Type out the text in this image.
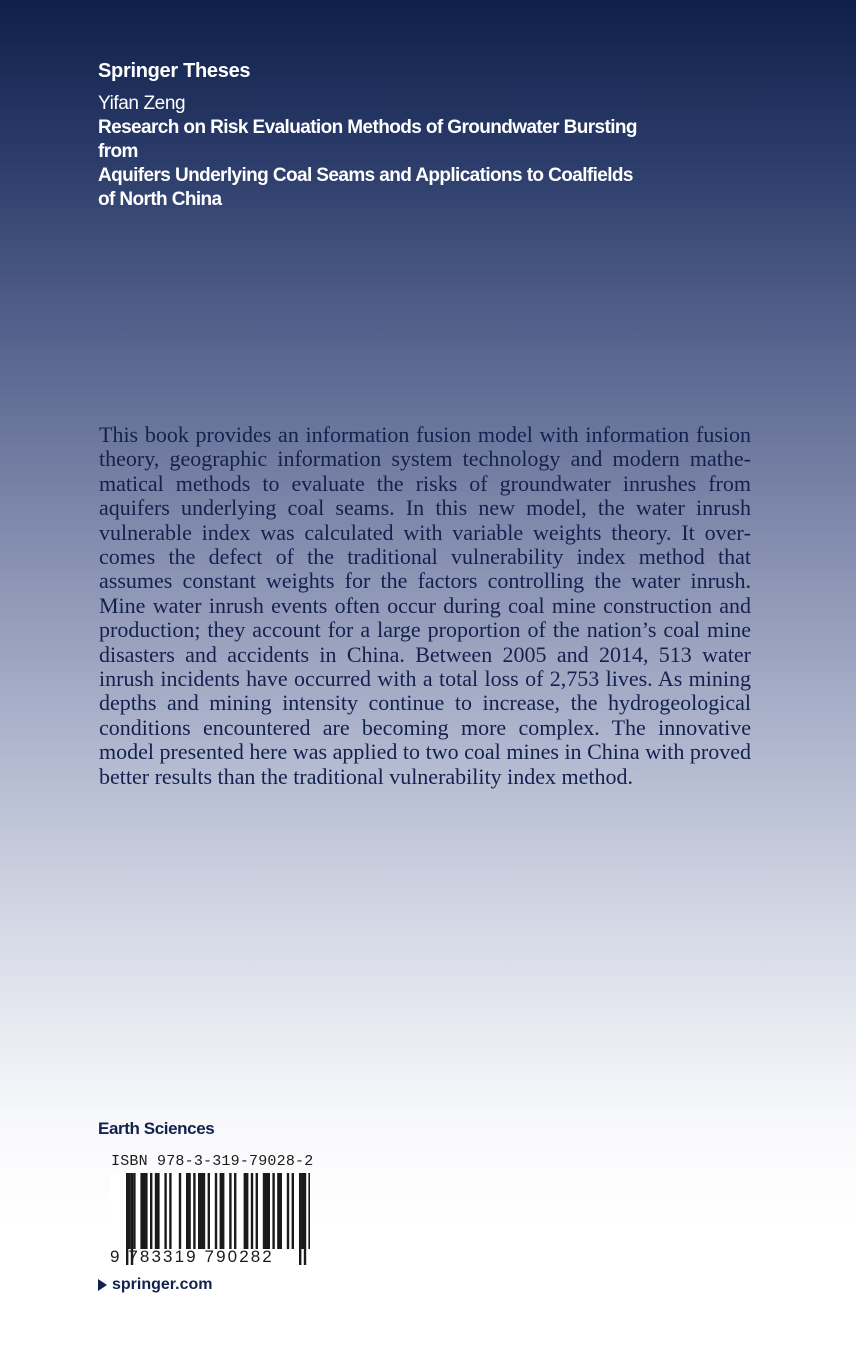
Springer Theses
Yifan Zeng
Research on Risk Evaluation Methods of Groundwater Bursting from
Aquifers Underlying Coal Seams and Applications to Coalfields
of North China

This book provides an information fusion model with information fusion theory, geographic information system technology and modern mathematical methods to evaluate the risks of groundwater inrushes from aquifers underlying coal seams. In this new model, the water inrush vulnerable index was calculated with variable weights theory. It overcomes the defect of the traditional vulnerability index method that assumes constant weights for the factors controlling the water inrush. Mine water inrush events often occur during coal mine construction and production; they account for a large proportion of the nation’s coal mine disasters and accidents in China. Between 2005 and 2014, 513 water inrush incidents have occurred with a total loss of 2,753 lives. As mining depths and mining intensity continue to increase, the hydrogeological conditions encountered are becoming more complex. The innovative model presented here was applied to two coal mines in China with proved better results than the traditional vulnerability index method.

Earth Sciences
ISBN 978-3-319-79028-2
9 783319 790282
springer.com
